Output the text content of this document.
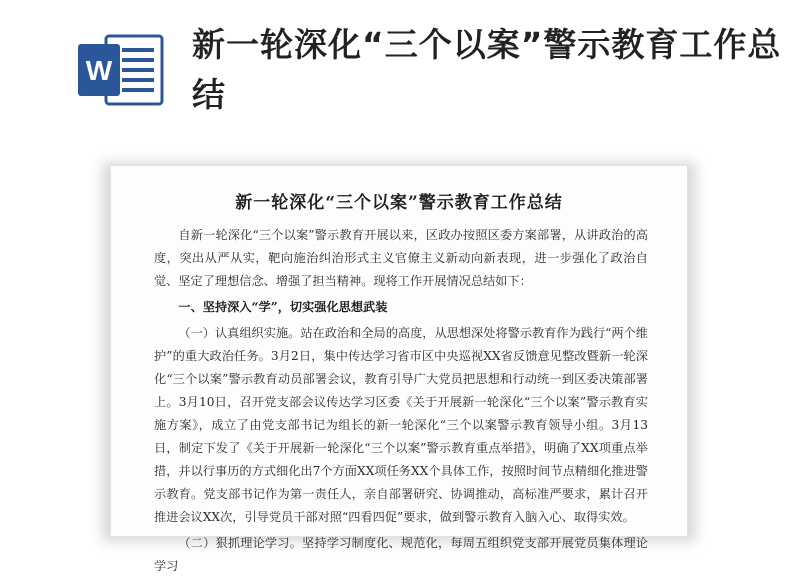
W
新一轮深化“三个以案”警示教育工作总结
新一轮深化“三个以案”警示教育工作总结

自新一轮深化“三个以案”警示教育开展以来，区政办按照区委方案部署，从讲政治的高度，突出从严从实，靶向施治纠治形式主义官僚主义新动向新表现，进一步强化了政治自觉、坚定了理想信念、增强了担当精神。现将工作开展情况总结如下：

一、坚持深入“学”，切实强化思想武装

（一）认真组织实施。站在政治和全局的高度，从思想深处将警示教育作为践行“两个维护”的重大政治任务。3月2日，集中传达学习省市区中央巡视XX省反馈意见整改暨新一轮深化“三个以案”警示教育动员部署会议，教育引导广大党员把思想和行动统一到区委决策部署上。3月10日，召开党支部会议传达学习区委《关于开展新一轮深化“三个以案”警示教育实施方案》，成立了由党支部书记为组长的新一轮深化“三个以案警示教育领导小组。3月13日，制定下发了《关于开展新一轮深化“三个以案”警示教育重点举措》，明确了XX项重点举措，并以行事历的方式细化出7个方面XX项任务XX个具体工作，按照时间节点精细化推进警示教育。党支部书记作为第一责任人，亲自部署研究、协调推动，高标准严要求，累计召开推进会议XX次，引导党员干部对照“四看四促”要求，做到警示教育入脑入心、取得实效。

（二）狠抓理论学习。坚持学习制度化、规范化，每周五组织党支部开展党员集体理论学习
